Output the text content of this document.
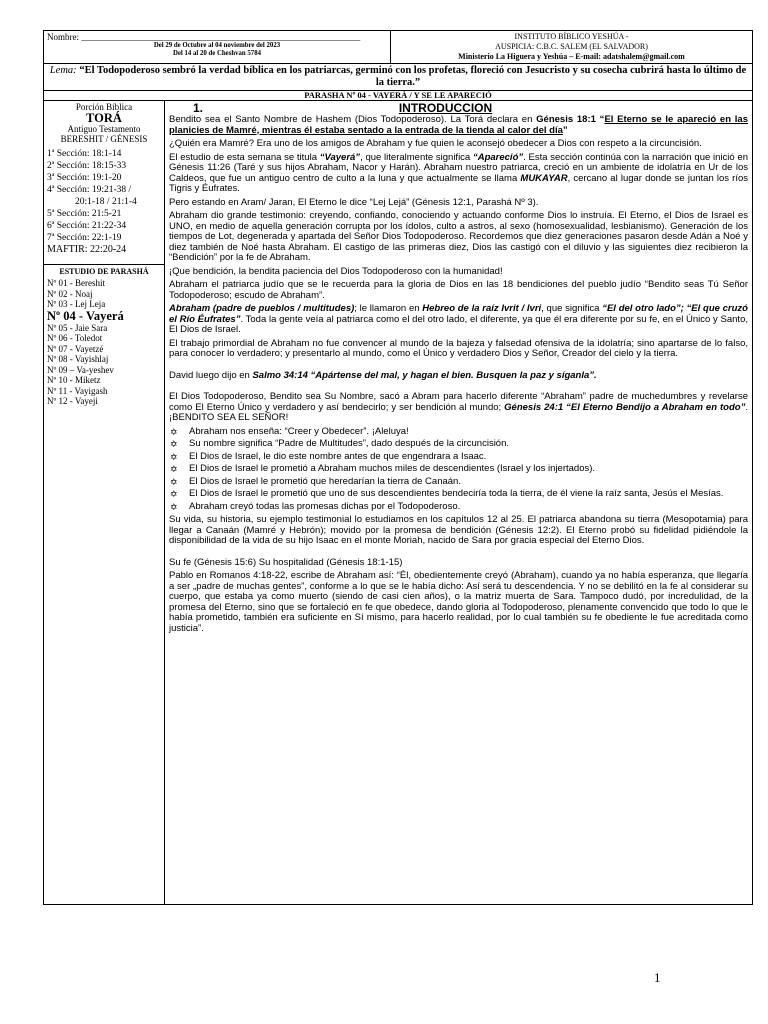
Nombre: ______________________________________________________________
Del 29 de Octubre al 04 noviembre del 2023
Del 14 al 20 de Cheshvan 5784

INSTITUTO BÍBLICO YESHÚA -
AUSPICIA: C.B.C. SALEM (EL SALVADOR)
Ministerio La Higuera y Yeshúa – E-mail: adatshalem@gmail.com
Lema: “El Todopoderoso sembró la verdad bíblica en los patriarcas, germinó con los profetas, floreció con Jesucristo y su cosecha cubrirá hasta lo último de la tierra.”
PARASHA Nº 04 - VAYERÁ / Y SE LE APARECIÓ
Porción Bíblica
TORÁ
Antiguo Testamento
BERESHIT / GÉNESIS
1ª Sección: 18:1-14
2ª Sección: 18:15-33
3ª Sección: 19:1-20
4ª Sección: 19:21-38 /
20:1-18 / 21:1-4
5ª Sección: 21:5-21
6ª Sección: 21:22-34
7ª Sección: 22:1-19
MAFTIR: 22:20-24
ESTUDIO DE PARASHÁ
Nº 01 - Bereshit
Nº 02 - Noaj
Nº 03 - Lej Leja
Nº 04 - Vayerá
Nº 05 - Jaie Sara
Nº 06 - Toledot
Nº 07 - Vayetzé
Nº 08 - Vayishlaj
Nº 09 – Va-yeshev
Nº 10 - Miketz
Nº 11 - Vayigash
Nº 12 - Vayeji
1.	INTRODUCCION

Bendito sea el Santo Nombre de Hashem (Dios Todopoderoso). La Torá declara en Génesis 18:1 “El Eterno se le apareció en las planicies de Mamré, mientras él estaba sentado a la entrada de la tienda al calor del día”

¿Quién era Mamré? Era uno de los amigos de Abraham y fue quien le aconsejó obedecer a Dios con respeto a la circuncisión.

El estudio de esta semana se titula “Vayerá”, que literalmente significa “Apareció”. Esta sección continúa con la narración que inició en Génesis 11:26 (Taré y sus hijos Abraham, Nacor y Harán). Abraham nuestro patriarca, creció en un ambiente de idolatría en Ur de los Caldeos, que fue un antiguo centro de culto a la luna y que actualmente se llama MUKAYAR, cercano al lugar donde se juntan los ríos Tigris y Éufrates.

Pero estando en Aram/ Jaran, El Eterno le dice “Lej Lejá” (Génesis 12:1, Parashá Nº 3).

Abraham dio grande testimonio: creyendo, confiando, conociendo y actuando conforme Dios lo instruía. El Eterno, el Dios de Israel es UNO, en medio de aquella generación corrupta por los ídolos, culto a astros, al sexo (homosexualidad, lesbianismo). Generación de los tiempos de Lot, degenerada y apartada del Señor Dios Todopoderoso. Recordemos que diez generaciones pasaron desde Adán a Noé y diez también de Noé hasta Abraham. El castigo de las primeras diez, Dios las castigó con el diluvio y las siguientes diez recibieron la “Bendición” por la fe de Abraham.

¡Que bendición, la bendita paciencia del Dios Todopoderoso con la humanidad!

Abraham el patriarca judío que se le recuerda para la gloria de Dios en las 18 bendiciones del pueblo judío “Bendito seas Tú Señor Todopoderoso; escudo de Abraham”.

Abraham (padre de pueblos / multitudes); le llamaron en Hebreo de la raíz Ivrit / Ivri, que significa “El del otro lado”; “El que cruzó el Río Éufrates”. Toda la gente veía al patriarca como el del otro lado, el diferente, ya que él era diferente por su fe, en el Único y Santo, El Dios de Israel.

El trabajo primordial de Abraham no fue convencer al mundo de la bajeza y falsedad ofensiva de la idolatría; sino apartarse de lo falso, para conocer lo verdadero; y presentarlo al mundo, como el Único y verdadero Dios y Señor, Creador del cielo y la tierra.

David luego dijo en Salmo 34:14 “Apártense del mal, y hagan el bien. Busquen la paz y síganla”.

El Dios Todopoderoso, Bendito sea Su Nombre, sacó a Abram para hacerlo diferente “Abraham” padre de muchedumbres y revelarse como El Eterno Único y verdadero y así bendecirlo; y ser bendición al mundo; Génesis 24:1 “El Eterno Bendijo a Abraham en todo”. ¡BENDITO SEA EL SEÑOR!

✡ Abraham nos enseña: “Creer y Obedecer”. ¡Aleluya!
✡ Su nombre significa “Padre de Multitudes”, dado después de la circuncisión.
✡ El Dios de Israel, le dio este nombre antes de que engendrara a Isaac.
✡ El Dios de Israel le prometió a Abraham muchos miles de descendientes (Israel y los injertados).
✡ El Dios de Israel le prometió que heredarían la tierra de Canaán.
✡ El Dios de Israel le prometió que uno de sus descendientes bendeciría toda la tierra, de él viene la raíz santa, Jesús el Mesías.
✡ Abraham creyó todas las promesas dichas por el Todopoderoso.

Su vida, su historia, su ejemplo testimonial lo estudiamos en los capítulos 12 al 25. El patriarca abandona su tierra (Mesopotamia) para llegar a Canaán (Mamré y Hebrón); movido por la promesa de bendición (Génesis 12:2). El Eterno probó su fidelidad pidiéndole la disponibilidad de la vida de su hijo Isaac en el monte Moriah, nacido de Sara por gracia especial del Eterno Dios.

Su fe (Génesis 15:6) Su hospitalidad (Génesis 18:1-15)

Pablo en Romanos 4:18-22, escribe de Abraham así: “Él, obedientemente creyó (Abraham), cuando ya no había esperanza, que llegaría a ser „padre de muchas gentes”, conforme a lo que se le había dicho: Así será tu descendencia. Y no se debilitó en la fe al considerar su cuerpo, que estaba ya como muerto (siendo de casi cien años), o la matriz muerta de Sara. Tampoco dudó, por incredulidad, de la promesa del Eterno, sino que se fortaleció en fe que obedece, dando gloria al Todopoderoso, plenamente convencido que todo lo que le había prometido, también era suficiente en Sí mismo, para hacerlo realidad, por lo cual también su fe obediente le fue acreditada como justicia”.

1
